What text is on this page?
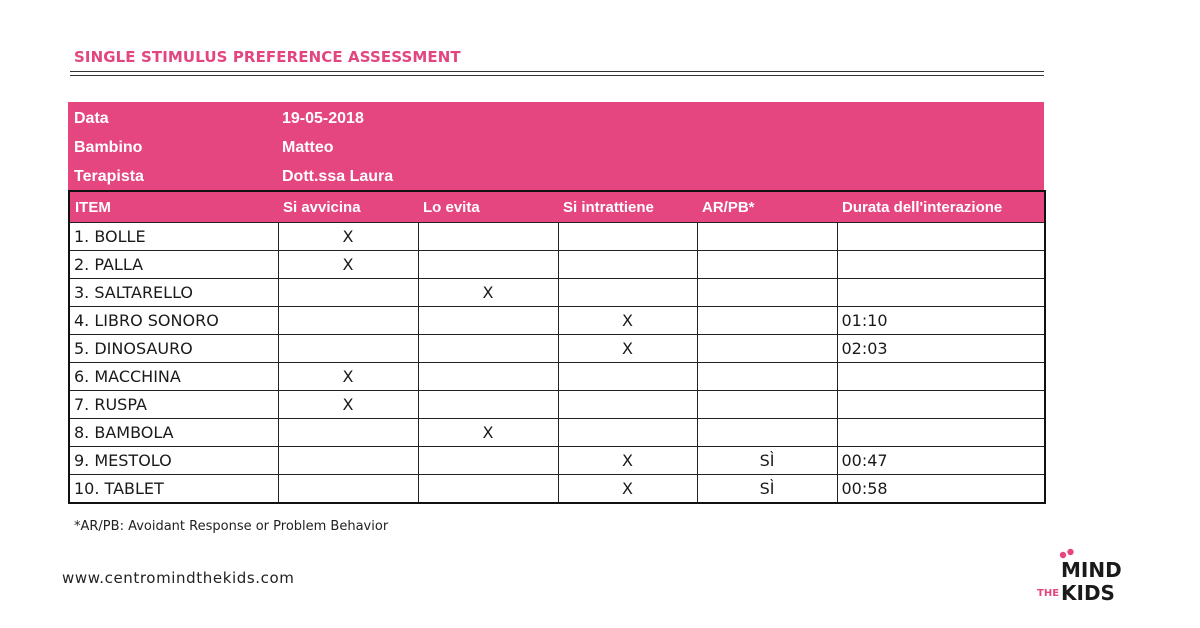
SINGLE STIMULUS PREFERENCE ASSESSMENT
Data	19-05-2018
Bambino	Matteo
Terapista	Dott.ssa Laura
ITEM	Si avvicina	Lo evita	Si intrattiene	AR/PB*	Durata dell'interazione
1. BOLLE	X				
2. PALLA	X				
3. SALTARELLO		X			
4. LIBRO SONORO			X		01:10
5. DINOSAURO			X		02:03
6. MACCHINA	X				
7. RUSPA	X				
8. BAMBOLA		X			
9. MESTOLO			X	SÌ	00:47
10. TABLET			X	SÌ	00:58
*AR/PB: Avoidant Response or Problem Behavior
www.centromindthekids.com	MIND
THE KIDS
